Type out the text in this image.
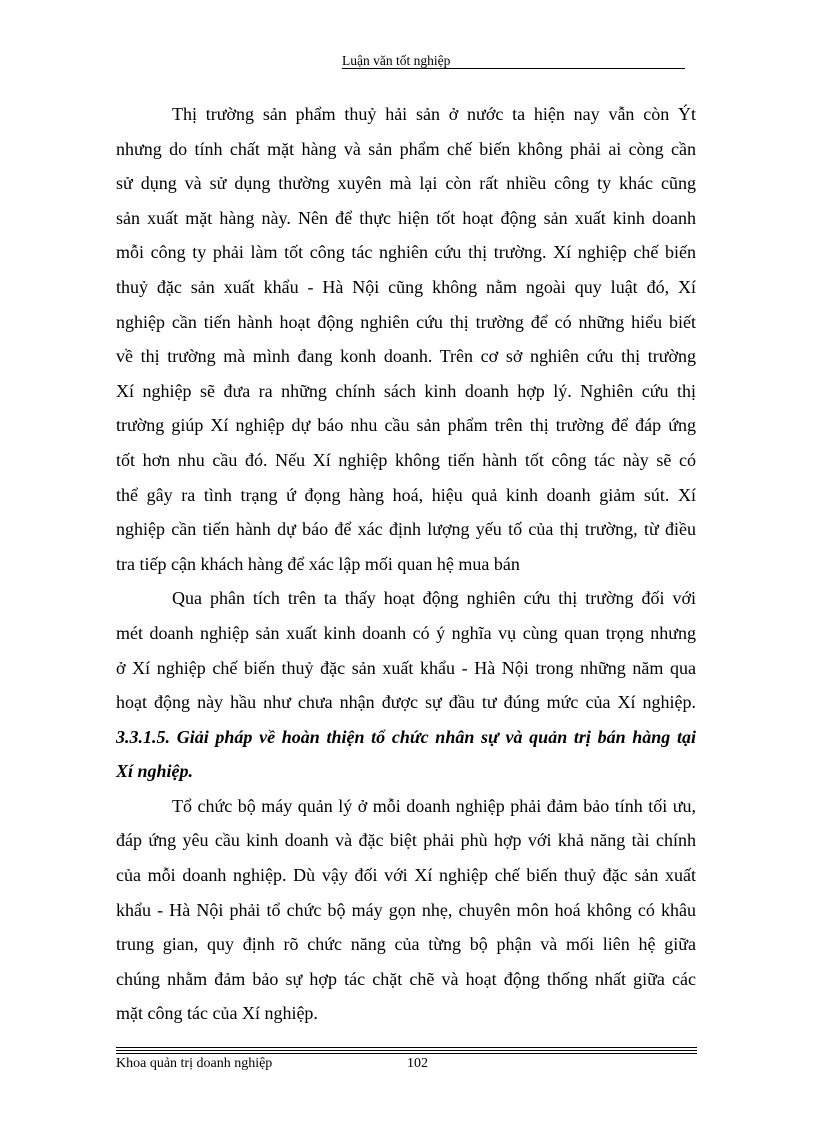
Luận văn tốt nghiệp
Thị trường sản phẩm thuỷ hải sản ở nước ta hiện nay vẫn còn Ýt
nhưng do tính chất mặt hàng và sản phẩm chế biến không phải ai còng cần
sử dụng và sử dụng thường xuyên mà lại còn rất nhiều công ty khác cũng
sản xuất mặt hàng này. Nên để thực hiện tốt hoạt động sản xuất kinh doanh
mỗi công ty phải làm tốt công tác nghiên cứu thị trường. Xí nghiệp chế biến
thuỷ đặc sản xuất khẩu - Hà Nội cũng không nằm ngoài quy luật đó, Xí
nghiệp cần tiến hành hoạt động nghiên cứu thị trường để có những hiểu biết
về thị trường mà mình đang konh doanh. Trên cơ sở nghiên cứu thị trường
Xí nghiệp sẽ đưa ra những chính sách kinh doanh hợp lý. Nghiên cứu thị
trường giúp Xí nghiệp dự báo nhu cầu sản phẩm trên thị trường để đáp ứng
tốt hơn nhu cầu đó. Nếu Xí nghiệp không tiến hành tốt công tác này sẽ có
thể gây ra tình trạng ứ đọng hàng hoá, hiệu quả kinh doanh giảm sút. Xí
nghiệp cần tiến hành dự báo để xác định lượng yếu tố của thị trường, từ điều
tra tiếp cận khách hàng để xác lập mối quan hệ mua bán
Qua phân tích trên ta thấy hoạt động nghiên cứu thị trường đối với
mét doanh nghiệp sản xuất kinh doanh có ý nghĩa vụ cùng quan trọng nhưng
ở Xí nghiệp chế biến thuỷ đặc sản xuất khẩu - Hà Nội trong những năm qua
hoạt động này hầu như chưa nhận được sự đầu tư đúng mức của Xí nghiệp.
3.3.1.5. Giải pháp về hoàn thiện tổ chức nhân sự và quản trị bán hàng tại
Xí nghiệp.
Tổ chức bộ máy quản lý ở mỗi doanh nghiệp phải đảm bảo tính tối ưu,
đáp ứng yêu cầu kinh doanh và đặc biệt phải phù hợp với khả năng tài chính
của mỗi doanh nghiệp. Dù vậy đối với Xí nghiệp chế biến thuỷ đặc sản xuất
khẩu - Hà Nội phải tổ chức bộ máy gọn nhẹ, chuyên môn hoá không có khâu
trung gian, quy định rõ chức năng của từng bộ phận và mối liên hệ giữa
chúng nhằm đảm bảo sự hợp tác chặt chẽ và hoạt động thống nhất giữa các
mặt công tác của Xí nghiệp.
Khoa quản trị doanh nghiệp	102
